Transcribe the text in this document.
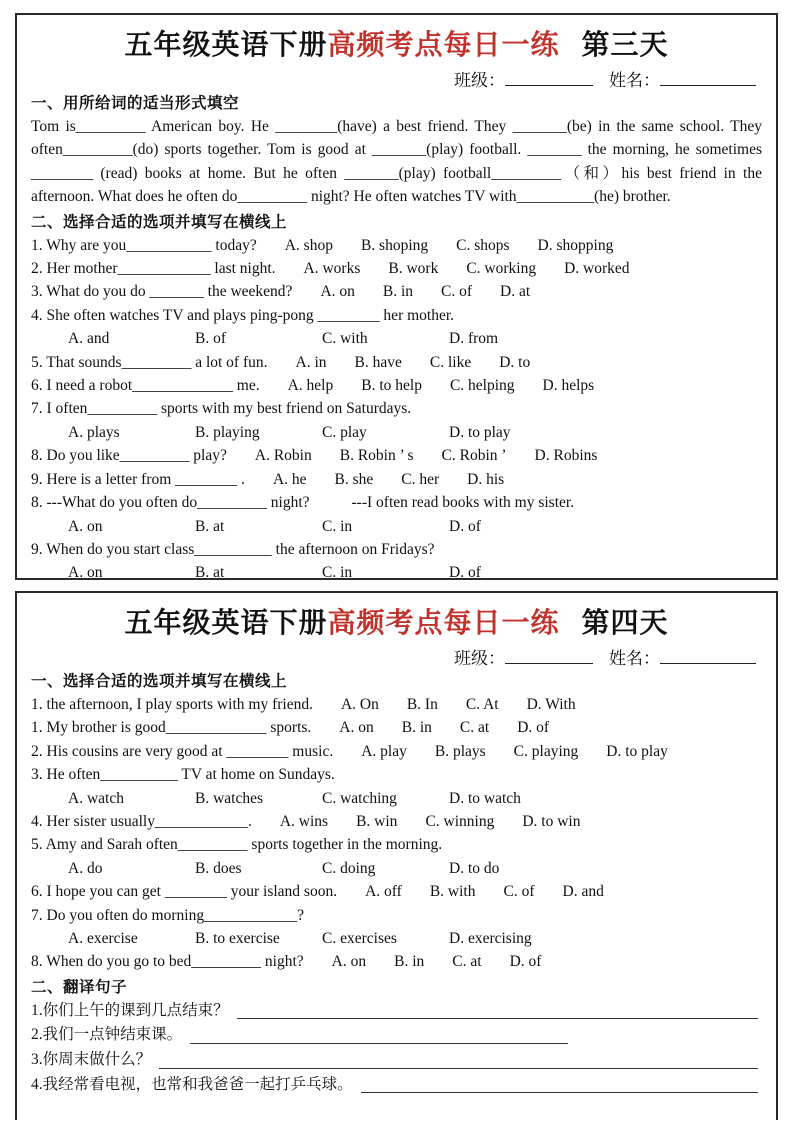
五年级英语下册高频考点每日一练 第三天
班级：	姓名：
一、用所给词的适当形式填空
Tom is_________ American boy. He ________(have) a best friend. They _______(be) in the same school. They often_________(do) sports together. Tom is good at _______(play) football. _______ the morning, he sometimes ________ (read) books at home. But he often _______(play) football_________（和）his best friend in the afternoon. What does he often do_________ night? He often watches TV with__________(he) brother.
二、选择合适的选项并填写在横线上
1. Why are you___________ today? A. shop B. shoping C. shops D. shopping
2. Her mother____________ last night. A. works B. work C. working D. worked
3. What do you do _______ the weekend? A. on B. in C. of D. at
4. She often watches TV and plays ping-pong ________ her mother.
A. and	B. of	C. with	D. from
5. That sounds_________ a lot of fun. A. in B. have C. like D. to
6. I need a robot_____________ me. A. help B. to help C. helping D. helps
7. I often_________ sports with my best friend on Saturdays.
A. plays	B. playing	C. play	D. to play
8. Do you like_________ play? A. Robin B. Robin ’ s C. Robin ’ D. Robins
9. Here is a letter from ________ . A. he B. she C. her D. his
8. ---What do you often do_________ night?	---I often read books with my sister.
A. on	B. at	C. in	D. of
9. When do you start class__________ the afternoon on Fridays?
A. on	B. at	C. in	D. of
五年级英语下册高频考点每日一练 第四天
班级：	姓名：
一、选择合适的选项并填写在横线上
1. the afternoon, I play sports with my friend. A. On B. In C. At D. With
1. My brother is good_____________ sports. A. on B. in C. at D. of
2. His cousins are very good at ________ music. A. play B. plays C. playing D. to play
3. He often__________ TV at home on Sundays.
A. watch	B. watches	C. watching	D. to watch
4. Her sister usually____________. A. wins B. win C. winning D. to win
5. Amy and Sarah often_________ sports together in the morning.
A. do	B. does	C. doing	D. to do
6. I hope you can get ________ your island soon. A. off B. with C. of D. and
7. Do you often do morning____________?
A. exercise	B. to exercise	C. exercises	D. exercising
8. When do you go to bed_________ night? A. on B. in C. at D. of
二、翻译句子
1.你们上午的课到几点结束？
2.我们一点钟结束课。
3.你周末做什么？
4.我经常看电视，也常和我爸爸一起打乒乓球。
